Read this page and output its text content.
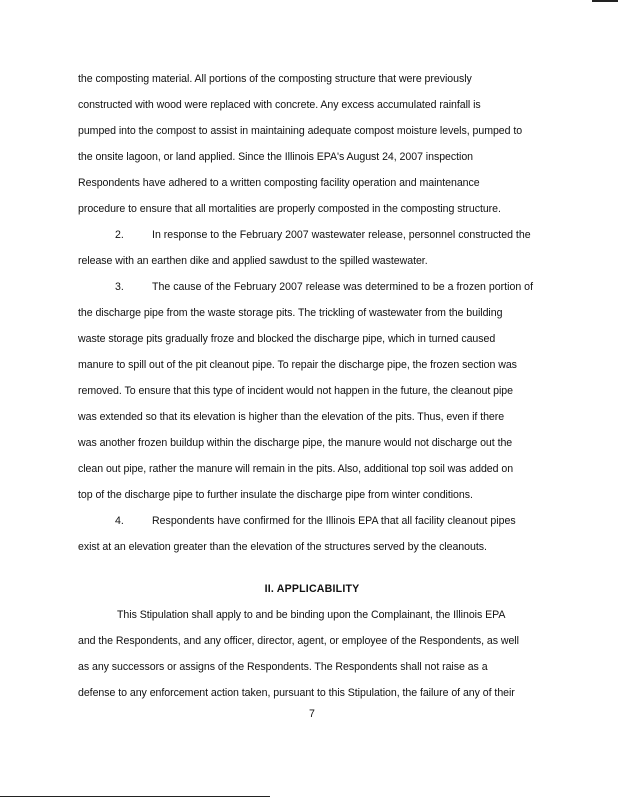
the composting material. All portions of the composting structure that were previously
constructed with wood were replaced with concrete. Any excess accumulated rainfall is
pumped into the compost to assist in maintaining adequate compost moisture levels, pumped to
the onsite lagoon, or land applied. Since the Illinois EPA's August 24, 2007 inspection
Respondents have adhered to a written composting facility operation and maintenance
procedure to ensure that all mortalities are properly composted in the composting structure.
2.	In response to the February 2007 wastewater release, personnel constructed the
release with an earthen dike and applied sawdust to the spilled wastewater.
3.	The cause of the February 2007 release was determined to be a frozen portion of
the discharge pipe from the waste storage pits. The trickling of wastewater from the building
waste storage pits gradually froze and blocked the discharge pipe, which in turned caused
manure to spill out of the pit cleanout pipe. To repair the discharge pipe, the frozen section was
removed. To ensure that this type of incident would not happen in the future, the cleanout pipe
was extended so that its elevation is higher than the elevation of the pits. Thus, even if there
was another frozen buildup within the discharge pipe, the manure would not discharge out the
clean out pipe, rather the manure will remain in the pits. Also, additional top soil was added on
top of the discharge pipe to further insulate the discharge pipe from winter conditions.
4.	Respondents have confirmed for the Illinois EPA that all facility cleanout pipes
exist at an elevation greater than the elevation of the structures served by the cleanouts.
II. APPLICABILITY
This Stipulation shall apply to and be binding upon the Complainant, the Illinois EPA
and the Respondents, and any officer, director, agent, or employee of the Respondents, as well
as any successors or assigns of the Respondents. The Respondents shall not raise as a
defense to any enforcement action taken, pursuant to this Stipulation, the failure of any of their
7
